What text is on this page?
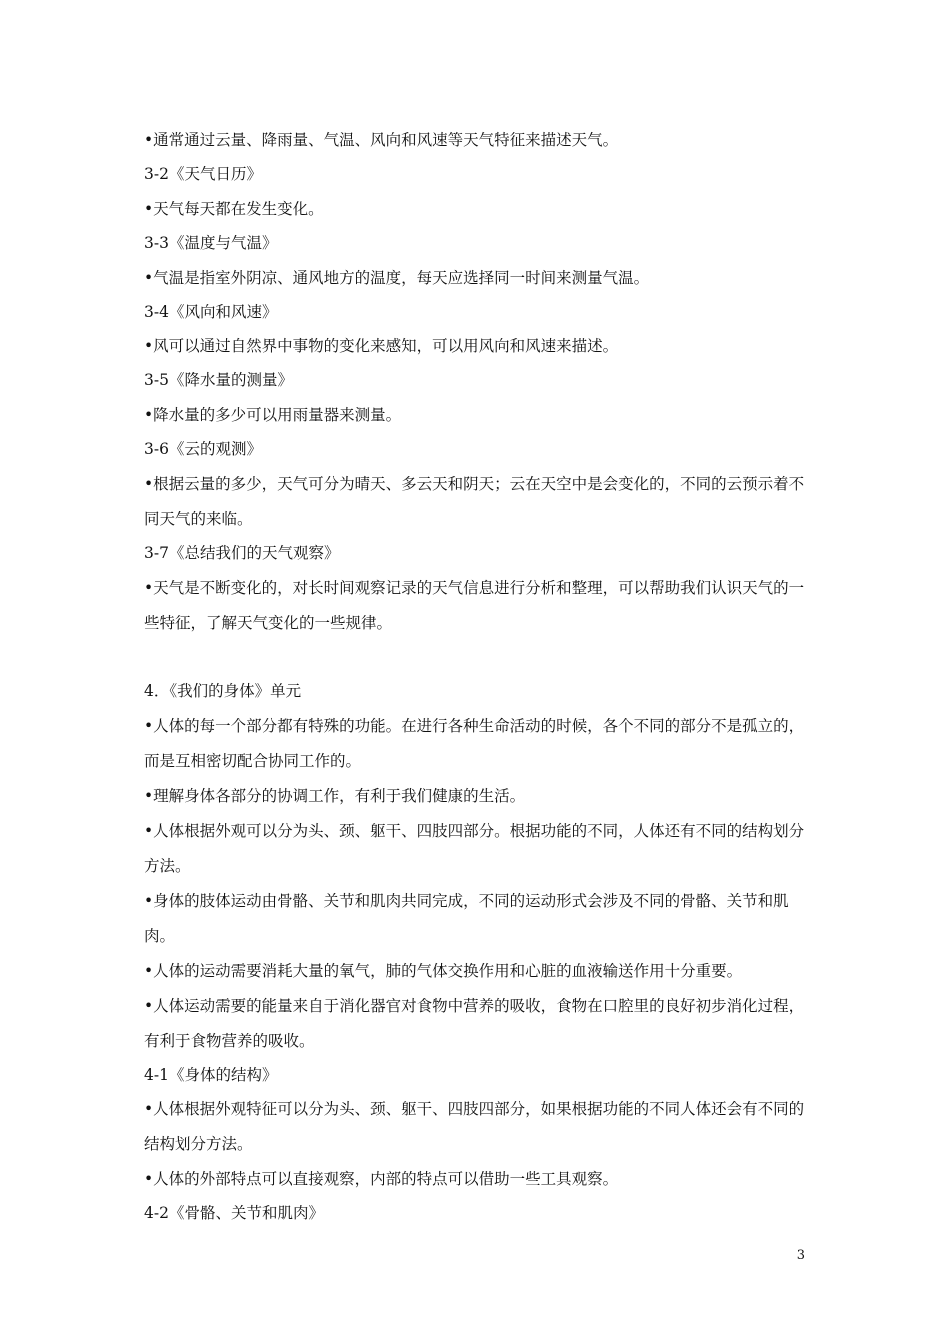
•通常通过云量、降雨量、气温、风向和风速等天气特征来描述天气。
3-2《天气日历》
•天气每天都在发生变化。
3-3《温度与气温》
•气温是指室外阴凉、通风地方的温度，每天应选择同一时间来测量气温。
3-4《风向和风速》
•风可以通过自然界中事物的变化来感知，可以用风向和风速来描述。
3-5《降水量的测量》
•降水量的多少可以用雨量器来测量。
3-6《云的观测》
•根据云量的多少，天气可分为晴天、多云天和阴天；云在天空中是会变化的，不同的云预示着不同天气的来临。
3-7《总结我们的天气观察》
•天气是不断变化的，对长时间观察记录的天气信息进行分析和整理，可以帮助我们认识天气的一些特征，了解天气变化的一些规律。
4．《我们的身体》单元
•人体的每一个部分都有特殊的功能。在进行各种生命活动的时候，各个不同的部分不是孤立的，而是互相密切配合协同工作的。
•理解身体各部分的协调工作，有利于我们健康的生活。
•人体根据外观可以分为头、颈、躯干、四肢四部分。根据功能的不同，人体还有不同的结构划分方法。
•身体的肢体运动由骨骼、关节和肌肉共同完成，不同的运动形式会涉及不同的骨骼、关节和肌肉。
•人体的运动需要消耗大量的氧气，肺的气体交换作用和心脏的血液输送作用十分重要。
•人体运动需要的能量来自于消化器官对食物中营养的吸收，食物在口腔里的良好初步消化过程，有利于食物营养的吸收。
4-1《身体的结构》
•人体根据外观特征可以分为头、颈、躯干、四肢四部分，如果根据功能的不同人体还会有不同的结构划分方法。
•人体的外部特点可以直接观察，内部的特点可以借助一些工具观察。
4-2《骨骼、关节和肌肉》
3
